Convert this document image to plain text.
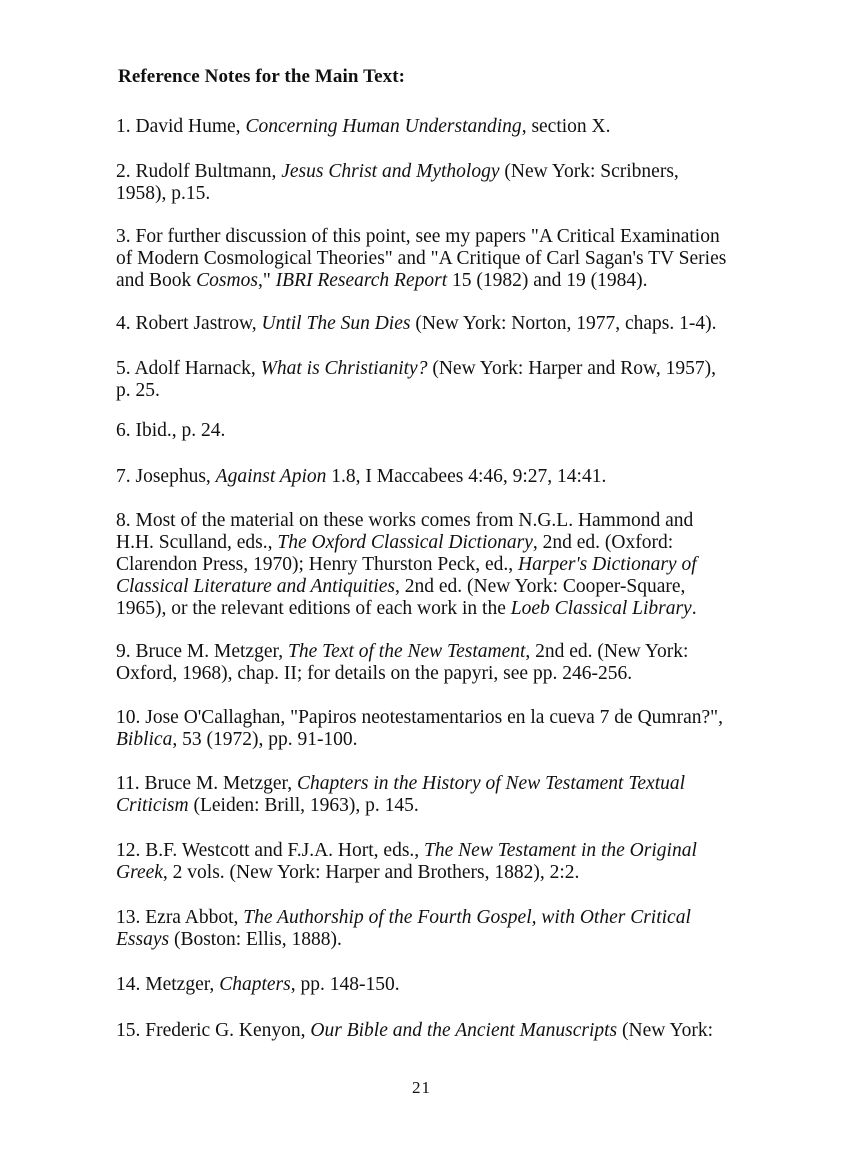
Reference Notes for the Main Text:
1. David Hume, Concerning Human Understanding, section X.
2. Rudolf Bultmann, Jesus Christ and Mythology (New York: Scribners, 1958), p.15.
3. For further discussion of this point, see my papers "A Critical Examination of Modern Cosmological Theories" and "A Critique of Carl Sagan's TV Series and Book Cosmos," IBRI Research Report 15 (1982) and 19 (1984).
4. Robert Jastrow, Until The Sun Dies (New York: Norton, 1977, chaps. 1-4).
5. Adolf Harnack, What is Christianity? (New York: Harper and Row, 1957), p. 25.
6. Ibid., p. 24.
7. Josephus, Against Apion 1.8, I Maccabees 4:46, 9:27, 14:41.
8. Most of the material on these works comes from N.G.L. Hammond and H.H. Sculland, eds., The Oxford Classical Dictionary, 2nd ed. (Oxford: Clarendon Press, 1970); Henry Thurston Peck, ed., Harper's Dictionary of Classical Literature and Antiquities, 2nd ed. (New York: Cooper-Square, 1965), or the relevant editions of each work in the Loeb Classical Library.
9. Bruce M. Metzger, The Text of the New Testament, 2nd ed. (New York: Oxford, 1968), chap. II; for details on the papyri, see pp. 246-256.
10. Jose O'Callaghan, "Papiros neotestamentarios en la cueva 7 de Qumran?", Biblica, 53 (1972), pp. 91-100.
11. Bruce M. Metzger, Chapters in the History of New Testament Textual Criticism (Leiden: Brill, 1963), p. 145.
12. B.F. Westcott and F.J.A. Hort, eds., The New Testament in the Original Greek, 2 vols. (New York: Harper and Brothers, 1882), 2:2.
13. Ezra Abbot, The Authorship of the Fourth Gospel, with Other Critical Essays (Boston: Ellis, 1888).
14. Metzger, Chapters, pp. 148-150.
15. Frederic G. Kenyon, Our Bible and the Ancient Manuscripts (New York:
21
